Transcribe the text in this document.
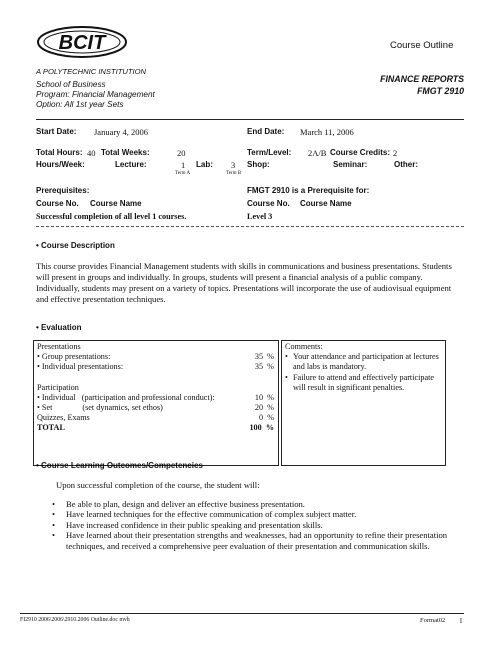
BCIT	Course Outline
A POLYTECHNIC INSTITUTION
School of Business
Program: Financial Management
Option: All 1st year Sets
FINANCE REPORTS
FMGT 2910
Start Date: January 4, 2006	End Date: March 11, 2006
Total Hours: 40 Total Weeks:	20	Term/Level: 2A/B Course Credits: 2
Hours/Week:	Lecture:	1 Lab: 3 Shop:	Seminar:	Other:
Term A	Term B
Prerequisites:	FMGT 2910 is a Prerequisite for:
Course No. Course Name	Course No. Course Name
Successful completion of all level 1 courses.	Level 3
• Course Description
This course provides Financial Management students with skills in communications and business presentations. Students will present in groups and individually. In groups, students will present a financial analysis of a public company. Individually, students may present on a variety of topics. Presentations will incorporate the use of audiovisual equipment and effective presentation techniques.
• Evaluation
Presentations
• Group presentations:	35 %
• Individual presentations:	35 %
Participation
• Individual (participation and professional conduct):	10 %
• Set	(set dynamics, set ethos)	20 %
Quizzes, Exams	0 %
TOTAL	100 %
Comments:
• Your attendance and participation at lectures and labs is mandatory.
• Failure to attend and effectively participate will result in significant penalties.
• Course Learning Outcomes/Competencies
Upon successful completion of the course, the student will:
•	Be able to plan, design and deliver an effective business presentation.
•	Have learned techniques for the effective communication of complex subject matter.
•	Have increased confidence in their public speaking and presentation skills.
•	Have learned about their presentation strengths and weaknesses, had an opportunity to refine their presentation techniques, and received a comprehensive peer evaluation of their presentation and communication skills.
FI2910 2006\2006\2910.2006 Outline.doc mvh	Format02 1
